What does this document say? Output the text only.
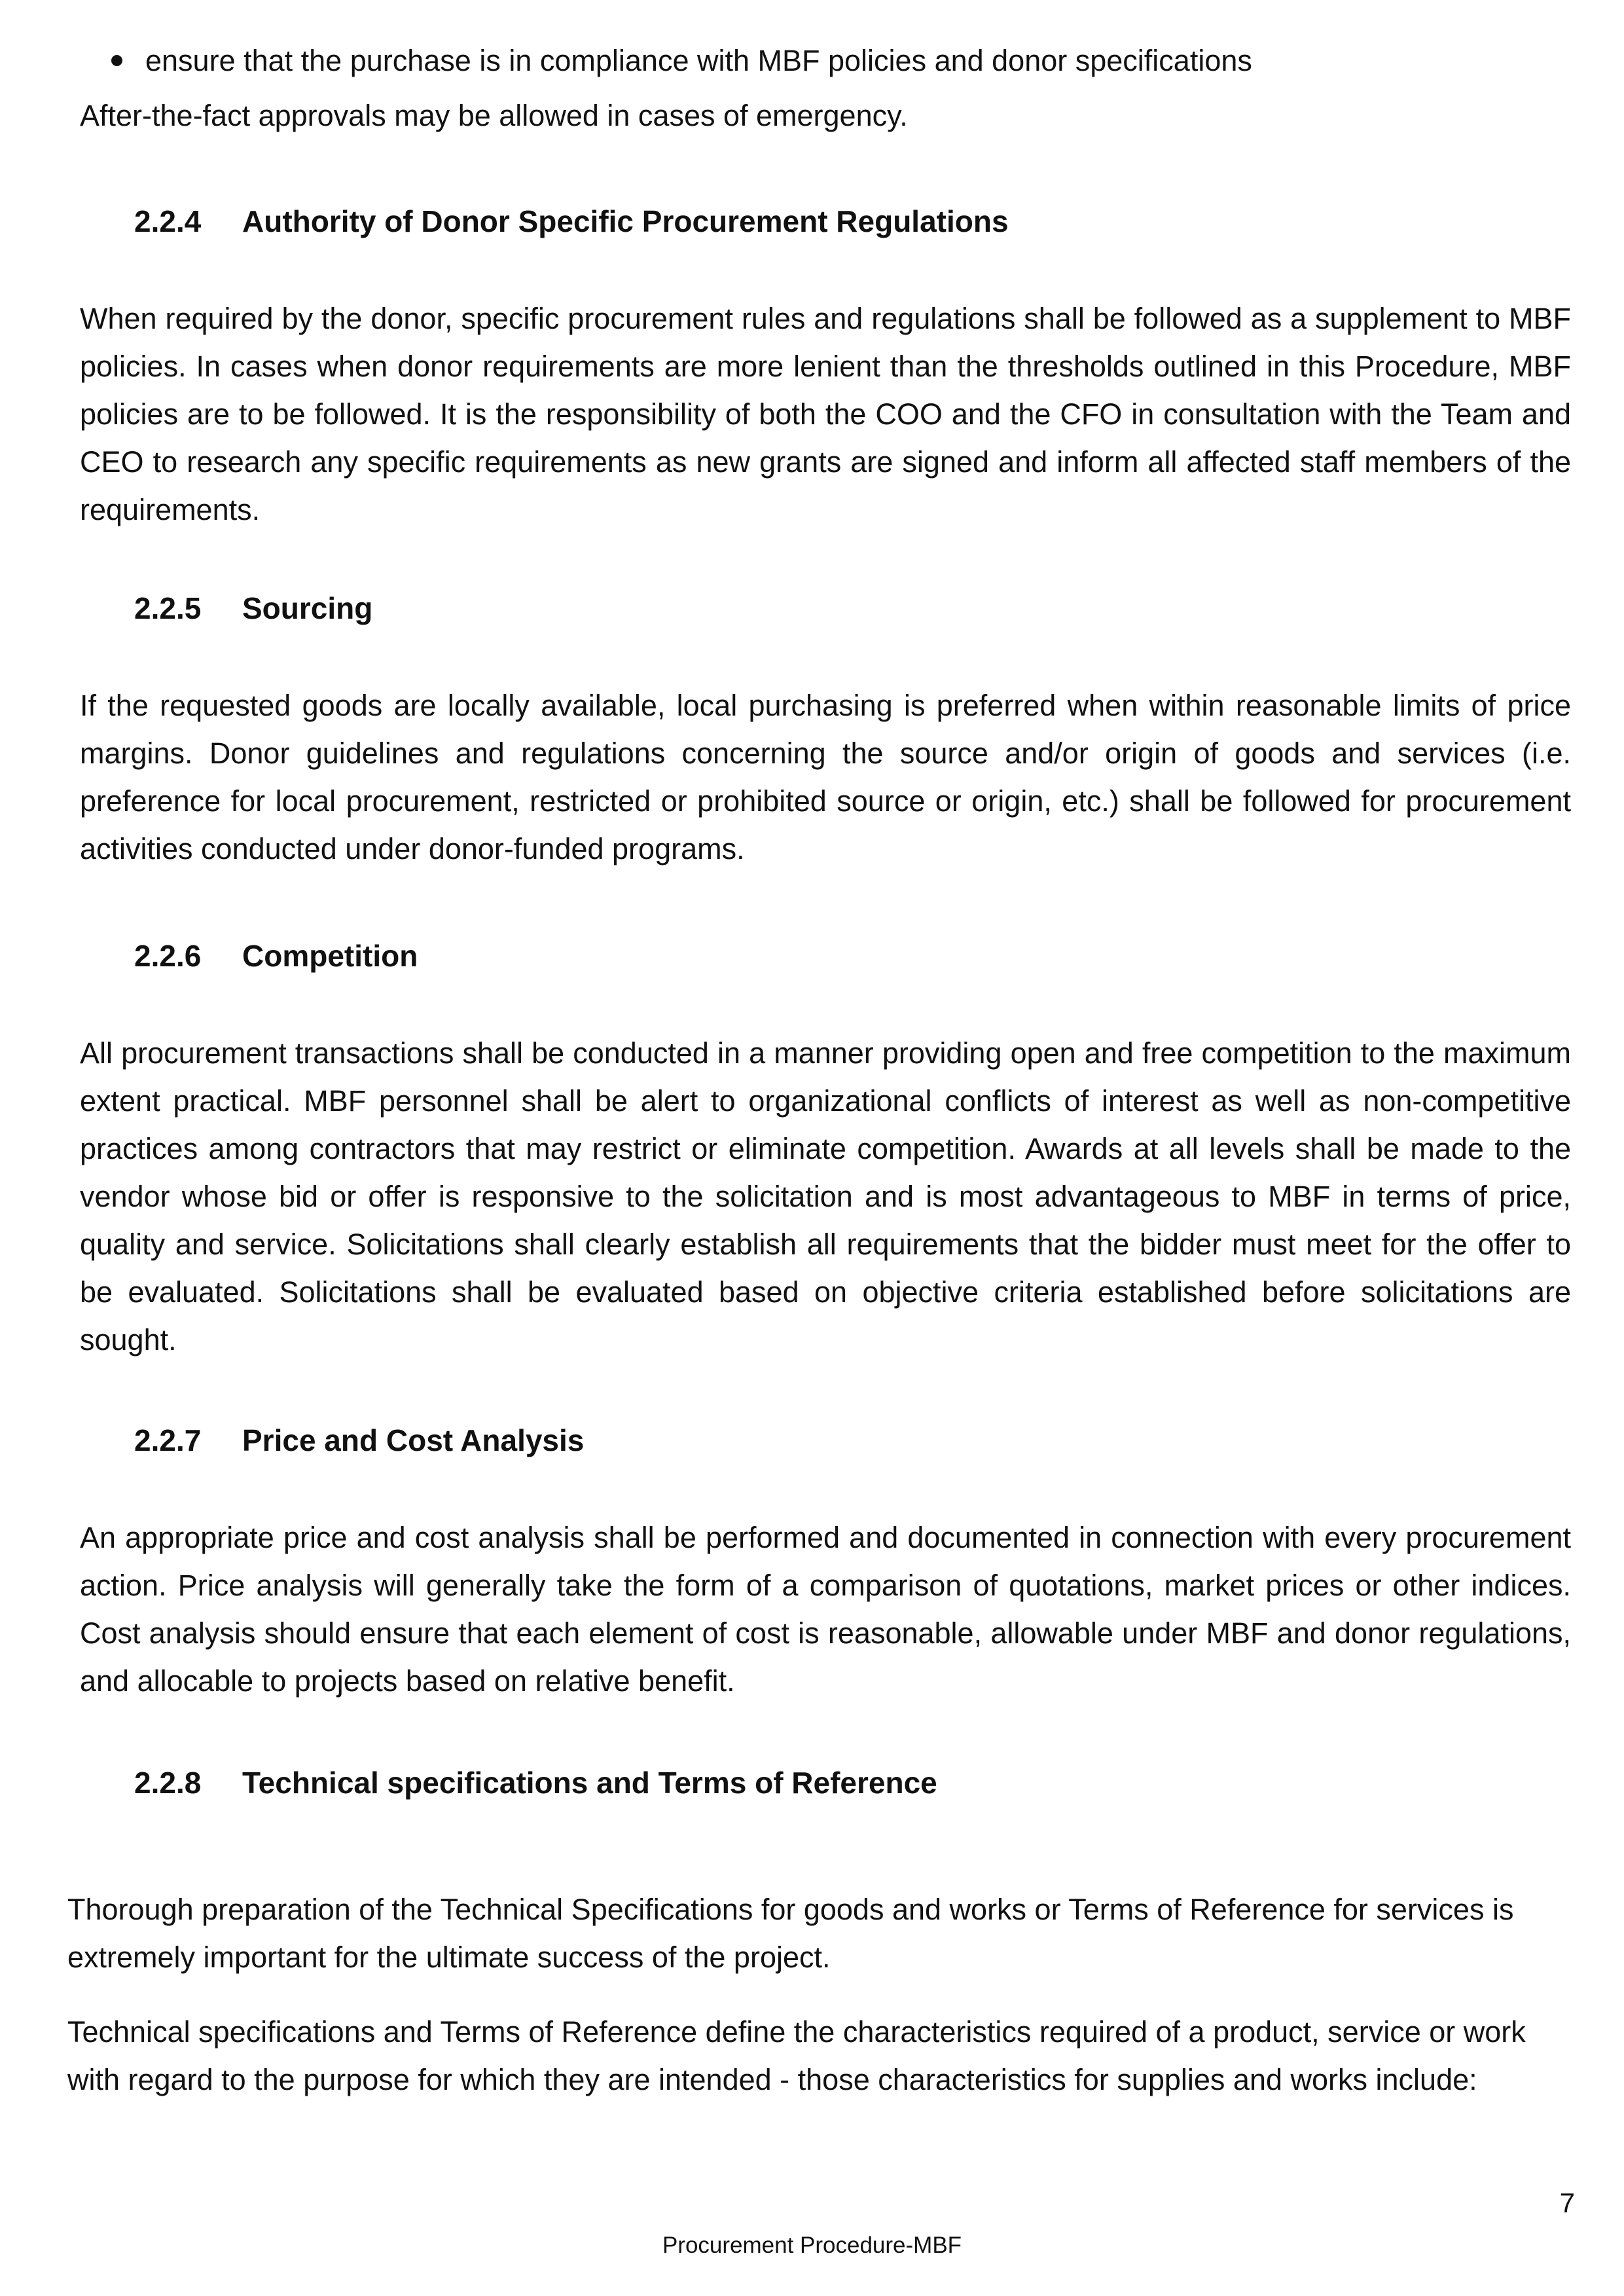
ensure that the purchase is in compliance with MBF policies and donor specifications

After-the-fact approvals may be allowed in cases of emergency.

2.2.4	Authority of Donor Specific Procurement Regulations

When required by the donor, specific procurement rules and regulations shall be followed as a supplement to MBF policies. In cases when donor requirements are more lenient than the thresholds outlined in this Procedure, MBF policies are to be followed. It is the responsibility of both the COO and the CFO in consultation with the Team and CEO to research any specific requirements as new grants are signed and inform all affected staff members of the requirements.

2.2.5	Sourcing

If the requested goods are locally available, local purchasing is preferred when within reasonable limits of price margins. Donor guidelines and regulations concerning the source and/or origin of goods and services (i.e. preference for local procurement, restricted or prohibited source or origin, etc.) shall be followed for procurement activities conducted under donor-funded programs.

2.2.6	Competition

All procurement transactions shall be conducted in a manner providing open and free competition to the maximum extent practical. MBF personnel shall be alert to organizational conflicts of interest as well as non-competitive practices among contractors that may restrict or eliminate competition. Awards at all levels shall be made to the vendor whose bid or offer is responsive to the solicitation and is most advantageous to MBF in terms of price, quality and service. Solicitations shall clearly establish all requirements that the bidder must meet for the offer to be evaluated. Solicitations shall be evaluated based on objective criteria established before solicitations are sought.

2.2.7	Price and Cost Analysis

An appropriate price and cost analysis shall be performed and documented in connection with every procurement action. Price analysis will generally take the form of a comparison of quotations, market prices or other indices. Cost analysis should ensure that each element of cost is reasonable, allowable under MBF and donor regulations, and allocable to projects based on relative benefit.

2.2.8	Technical specifications and Terms of Reference

Thorough preparation of the Technical Specifications for goods and works or Terms of Reference for services is extremely important for the ultimate success of the project.

Technical specifications and Terms of Reference define the characteristics required of a product, service or work with regard to the purpose for which they are intended - those characteristics for supplies and works include:

7
Procurement Procedure-MBF
